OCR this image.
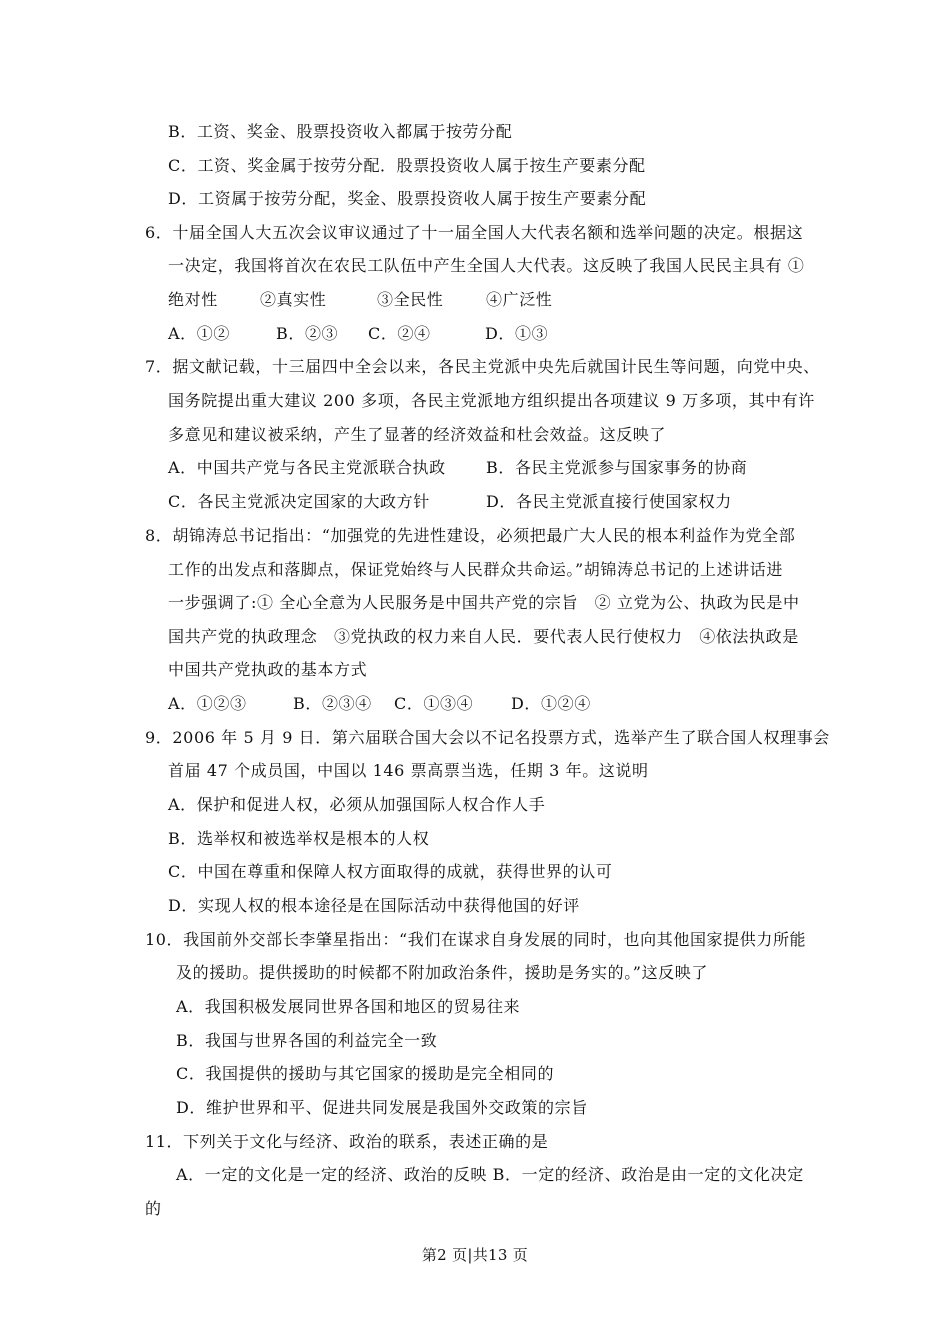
B．工资、奖金、股票投资收入都属于按劳分配
C．工资、奖金属于按劳分配．股票投资收人属于按生产要素分配
D．工资属于按劳分配，奖金、股票投资收人属于按生产要素分配
6．十届全国人大五次会议审议通过了十一届全国人大代表名额和选举问题的决定。根据这
一决定，我国将首次在农民工队伍中产生全国人大代表。这反映了我国人民民主具有 ①
绝对性	②真实性	③全民性	④广泛性
A．①②	B．②③ C．②④	D．①③
7．据文献记载，十三届四中全会以来，各民主党派中央先后就国计民生等问题，向党中央、
国务院提出重大建议 200 多项，各民主党派地方组织提出各项建议 9 万多项，其中有许
多意见和建议被采纳，产生了显著的经济效益和杜会效益。这反映了
A．中国共产党与各民主党派联合执政	B．各民主党派参与国家事务的协商
C．各民主党派决定国家的大政方针	D．各民主党派直接行使国家权力
8．胡锦涛总书记指出：“加强党的先进性建设，必须把最广大人民的根本利益作为党全部
工作的出发点和落脚点，保证党始终与人民群众共命运。”胡锦涛总书记的上述讲话进
一步强调了:① 全心全意为人民服务是中国共产党的宗旨　② 立党为公、执政为民是中
国共产党的执政理念　③党执政的权力来自人民．要代表人民行使权力　④依法执政是
中国共产党执政的基本方式
A．①②③	B．②③④ C．①③④ D．①②④
9．2006 年 5 月 9 日．第六届联合国大会以不记名投票方式，选举产生了联合国人权理事会
首届 47 个成员国，中国以 146 票高票当选，任期 3 年。这说明
A．保护和促进人权，必须从加强国际人权合作人手
B．选举权和被选举权是根本的人权
C．中国在尊重和保障人权方面取得的成就，获得世界的认可
D．实现人权的根本途径是在国际活动中获得他国的好评
10．我国前外交部长李肇星指出：“我们在谋求自身发展的同时，也向其他国家提供力所能
及的援助。提供援助的时候都不附加政治条件，援助是务实的。”这反映了
A．我国积极发展同世界各国和地区的贸易往来
B．我国与世界各国的利益完全一致
C．我国提供的援助与其它国家的援助是完全相同的
D．维护世界和平、促进共同发展是我国外交政策的宗旨
11．下列关于文化与经济、政治的联系，表述正确的是
A．一定的文化是一定的经济、政治的反映 B．一定的经济、政治是由一定的文化决定
的
第2 页|共13 页
